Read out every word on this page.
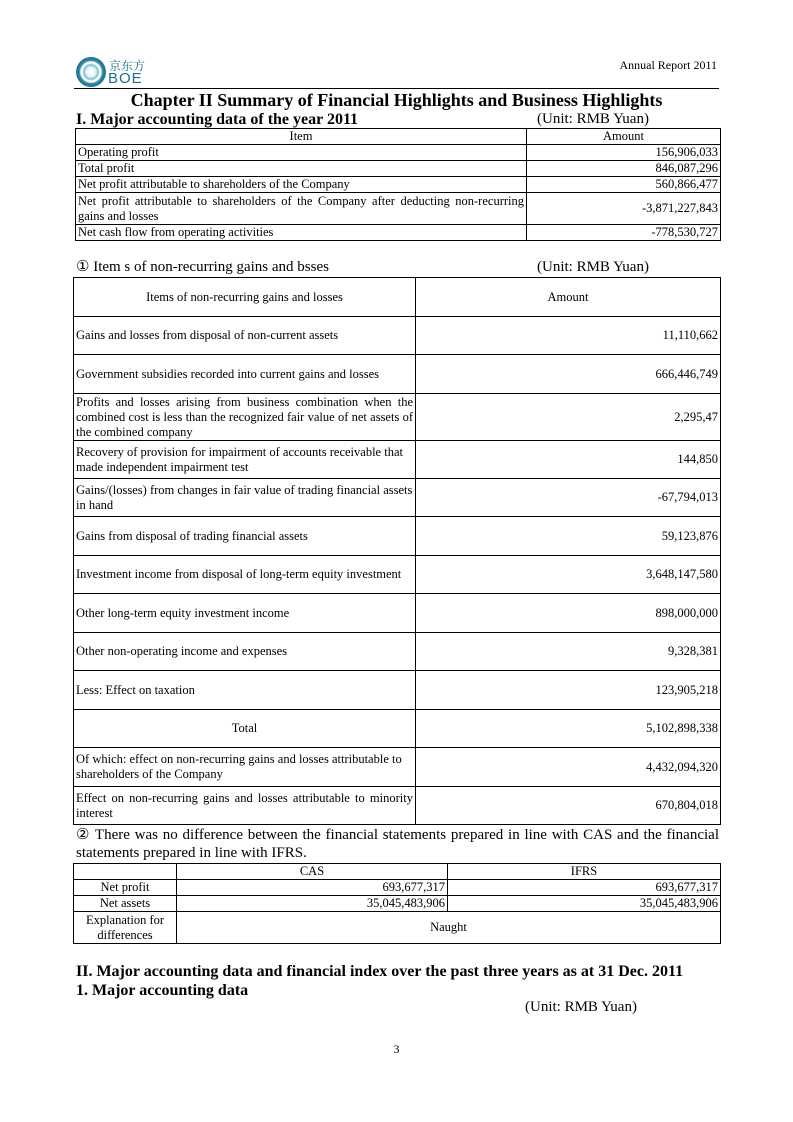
京东方
BOE
Annual Report 2011
Chapter II Summary of Financial Highlights and Business Highlights
I. Major accounting data of the year 2011	(Unit: RMB Yuan)
Item	Amount
Operating profit	156,906,033
Total profit	846,087,296
Net profit attributable to shareholders of the Company	560,866,477
Net profit attributable to shareholders of the Company after deducting non-recurring gains and losses	-3,871,227,843
Net cash flow from operating activities	-778,530,727
① Item s of non-recurring gains and bsses	(Unit: RMB Yuan)
Items of non-recurring gains and losses	Amount
Gains and losses from disposal of non-current assets	11,110,662
Government subsidies recorded into current gains and losses	666,446,749
Profits and losses arising from business combination when the combined cost is less than the recognized fair value of net assets of the combined company	2,295,47
Recovery of provision for impairment of accounts receivable that made independent impairment test	144,850
Gains/(losses) from changes in fair value of trading financial assets in hand	-67,794,013
Gains from disposal of trading financial assets	59,123,876
Investment income from disposal of long-term equity investment	3,648,147,580
Other long-term equity investment income	898,000,000
Other non-operating income and expenses	9,328,381
Less: Effect on taxation	123,905,218
Total	5,102,898,338
Of which: effect on non-recurring gains and losses attributable to shareholders of the Company	4,432,094,320
Effect on non-recurring gains and losses attributable to minority interest	670,804,018
② There was no difference between the financial statements prepared in line with CAS and the financial statements prepared in line with IFRS.
	CAS	IFRS
Net profit	693,677,317	693,677,317
Net assets	35,045,483,906	35,045,483,906
Explanation for differences	Naught	
II. Major accounting data and financial index over the past three years as at 31 Dec. 2011
1. Major accounting data
(Unit: RMB Yuan)
3
